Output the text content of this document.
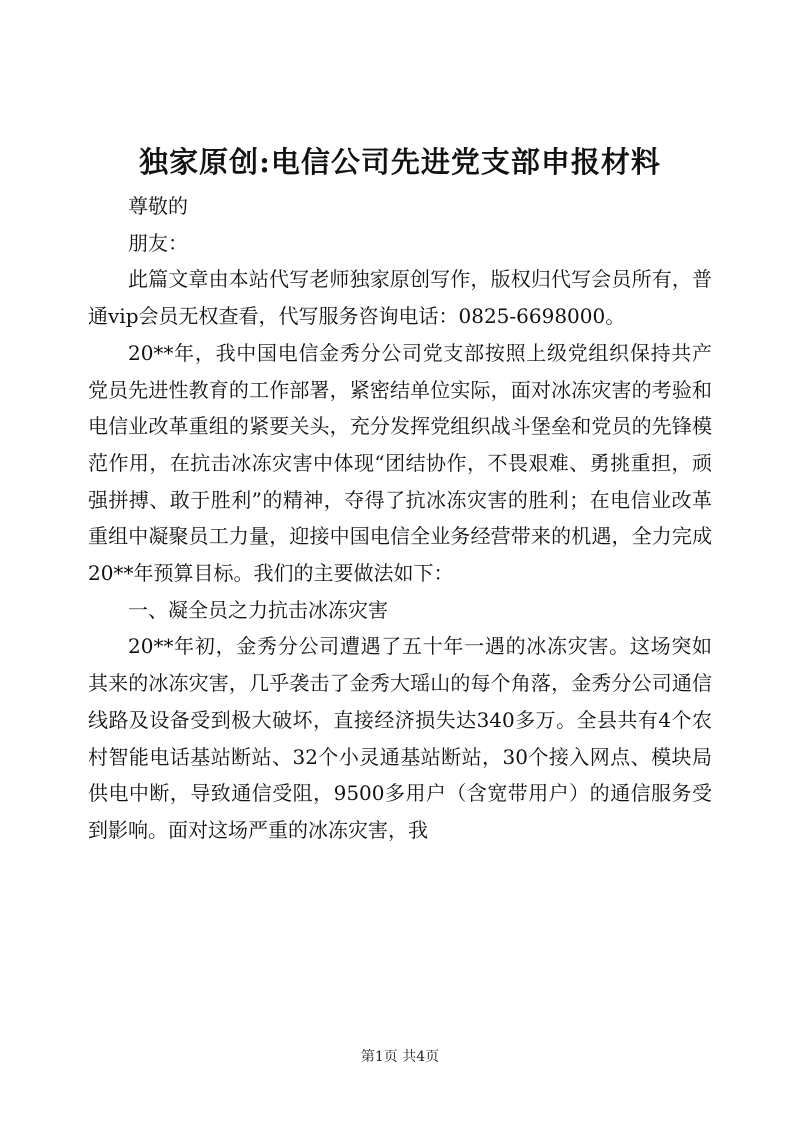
独家原创:电信公司先进党支部申报材料

尊敬的

朋友：

此篇文章由本站代写老师独家原创写作，版权归代写会员所有，普通vip会员无权查看，代写服务咨询电话：0825-6698000。

20**年，我中国电信金秀分公司党支部按照上级党组织保持共产党员先进性教育的工作部署，紧密结单位实际，面对冰冻灾害的考验和电信业改革重组的紧要关头，充分发挥党组织战斗堡垒和党员的先锋模范作用，在抗击冰冻灾害中体现“团结协作，不畏艰难、勇挑重担，顽强拼搏、敢于胜利”的精神，夺得了抗冰冻灾害的胜利；在电信业改革重组中凝聚员工力量，迎接中国电信全业务经营带来的机遇，全力完成20**年预算目标。我们的主要做法如下：

一、凝全员之力抗击冰冻灾害

20**年初，金秀分公司遭遇了五十年一遇的冰冻灾害。这场突如其来的冰冻灾害，几乎袭击了金秀大瑶山的每个角落，金秀分公司通信线路及设备受到极大破坏，直接经济损失达340多万。全县共有4个农村智能电话基站断站、32个小灵通基站断站，30个接入网点、模块局供电中断，导致通信受阻，9500多用户（含宽带用户）的通信服务受到影响。面对这场严重的冰冻灾害，我

第1页 共4页
